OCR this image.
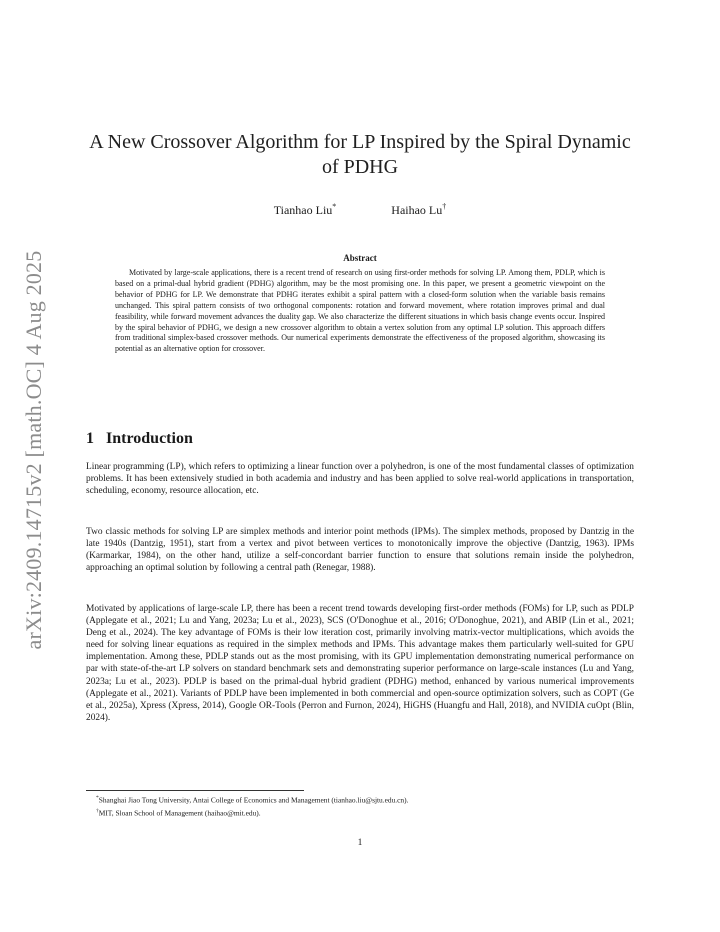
arXiv:2409.14715v2 [math.OC] 4 Aug 2025
A New Crossover Algorithm for LP Inspired by the Spiral Dynamic of PDHG
Tianhao Liu*	Haihao Lu†
Abstract
Motivated by large-scale applications, there is a recent trend of research on using first-order methods for solving LP. Among them, PDLP, which is based on a primal-dual hybrid gradient (PDHG) algorithm, may be the most promising one. In this paper, we present a geometric viewpoint on the behavior of PDHG for LP. We demonstrate that PDHG iterates exhibit a spiral pattern with a closed-form solution when the variable basis remains unchanged. This spiral pattern consists of two orthogonal components: rotation and forward movement, where rotation improves primal and dual feasibility, while forward movement advances the duality gap. We also characterize the different situations in which basis change events occur. Inspired by the spiral behavior of PDHG, we design a new crossover algorithm to obtain a vertex solution from any optimal LP solution. This approach differs from traditional simplex-based crossover methods. Our numerical experiments demonstrate the effectiveness of the proposed algorithm, showcasing its potential as an alternative option for crossover.
1 Introduction
Linear programming (LP), which refers to optimizing a linear function over a polyhedron, is one of the most fundamental classes of optimization problems. It has been extensively studied in both academia and industry and has been applied to solve real-world applications in transportation, scheduling, economy, resource allocation, etc.
Two classic methods for solving LP are simplex methods and interior point methods (IPMs). The simplex methods, proposed by Dantzig in the late 1940s (Dantzig, 1951), start from a vertex and pivot between vertices to monotonically improve the objective (Dantzig, 1963). IPMs (Karmarkar, 1984), on the other hand, utilize a self-concordant barrier function to ensure that solutions remain inside the polyhedron, approaching an optimal solution by following a central path (Renegar, 1988).
Motivated by applications of large-scale LP, there has been a recent trend towards developing first-order methods (FOMs) for LP, such as PDLP (Applegate et al., 2021; Lu and Yang, 2023a; Lu et al., 2023), SCS (O'Donoghue et al., 2016; O'Donoghue, 2021), and ABIP (Lin et al., 2021; Deng et al., 2024). The key advantage of FOMs is their low iteration cost, primarily involving matrix-vector multiplications, which avoids the need for solving linear equations as required in the simplex methods and IPMs. This advantage makes them particularly well-suited for GPU implementation. Among these, PDLP stands out as the most promising, with its GPU implementation demonstrating numerical performance on par with state-of-the-art LP solvers on standard benchmark sets and demonstrating superior performance on large-scale instances (Lu and Yang, 2023a; Lu et al., 2023). PDLP is based on the primal-dual hybrid gradient (PDHG) method, enhanced by various numerical improvements (Applegate et al., 2021). Variants of PDLP have been implemented in both commercial and open-source optimization solvers, such as COPT (Ge et al., 2025a), Xpress (Xpress, 2014), Google OR-Tools (Perron and Furnon, 2024), HiGHS (Huangfu and Hall, 2018), and NVIDIA cuOpt (Blin, 2024).
*Shanghai Jiao Tong University, Antai College of Economics and Management (tianhao.liu@sjtu.edu.cn).
†MIT, Sloan School of Management (haihao@mit.edu).
1
